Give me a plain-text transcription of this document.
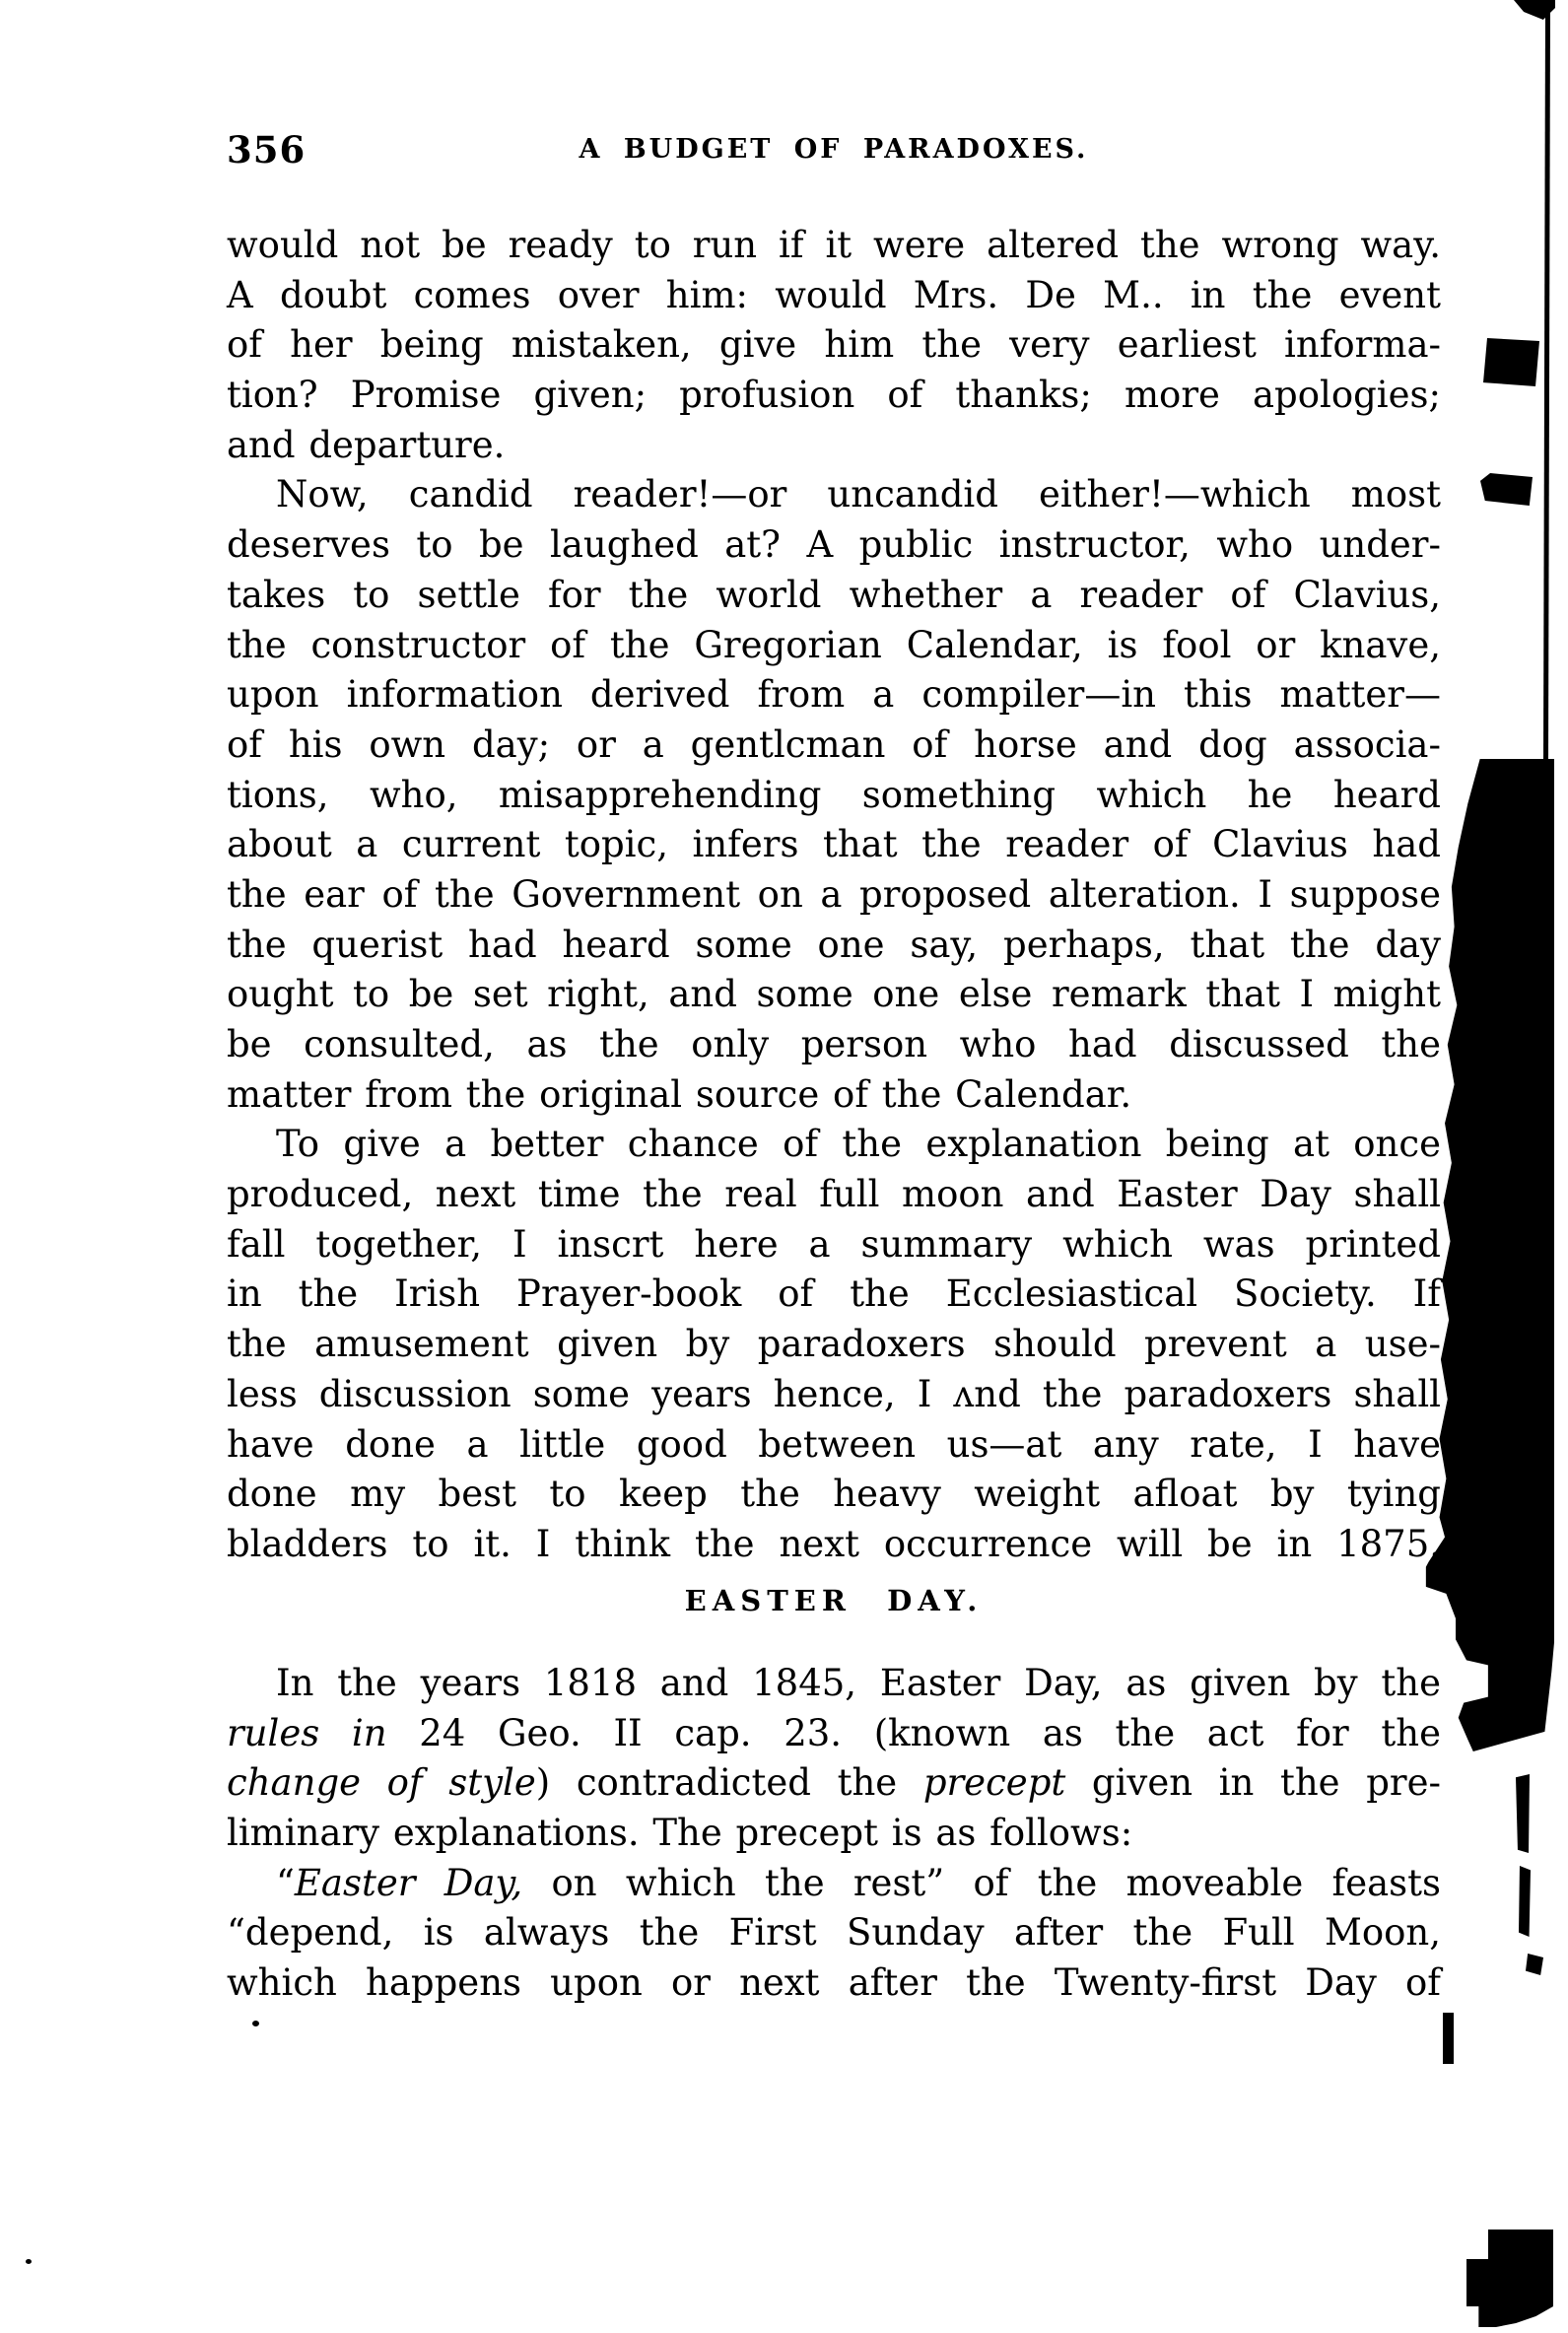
356	A BUDGET OF PARADOXES.
would not be ready to run if it were altered the wrong way.
A doubt comes over him: would Mrs. De M.. in the event
of her being mistaken, give him the very earliest informa-
tion? Promise given; profusion of thanks; more apologies;
and departure.
Now, candid reader!—or uncandid either!—which most
deserves to be laughed at? A public instructor, who under-
takes to settle for the world whether a reader of Clavius,
the constructor of the Gregorian Calendar, is fool or knave,
upon information derived from a compiler—in this matter—
of his own day; or a gentlcman of horse and dog associa-
tions, who, misapprehending something which he heard
about a current topic, infers that the reader of Clavius had
the ear of the Government on a proposed alteration. I suppose
the querist had heard some one say, perhaps, that the day
ought to be set right, and some one else remark that I might
be consulted, as the only person who had discussed the
matter from the original source of the Calendar.
To give a better chance of the explanation being at once
produced, next time the real full moon and Easter Day shall
fall together, I inscrt here a summary which was printed
in the Irish Prayer-book of the Ecclesiastical Society. If
the amusement given by paradoxers should prevent a use-
less discussion some years hence, I ʌnd the paradoxers shall
have done a little good between us—at any rate, I have
done my best to keep the heavy weight afloat by tying
bladders to it. I think the next occurrence will be in 1875.
EASTER DAY.
In the years 1818 and 1845, Easter Day, as given by the
rules in 24 Geo. II cap. 23. (known as the act for the
change of style) contradicted the precept given in the pre-
liminary explanations. The precept is as follows:
“Easter Day, on which the rest” of the moveable feasts
“depend, is always the First Sunday after the Full Moon,
which happens upon or next after the Twenty-first Day of
